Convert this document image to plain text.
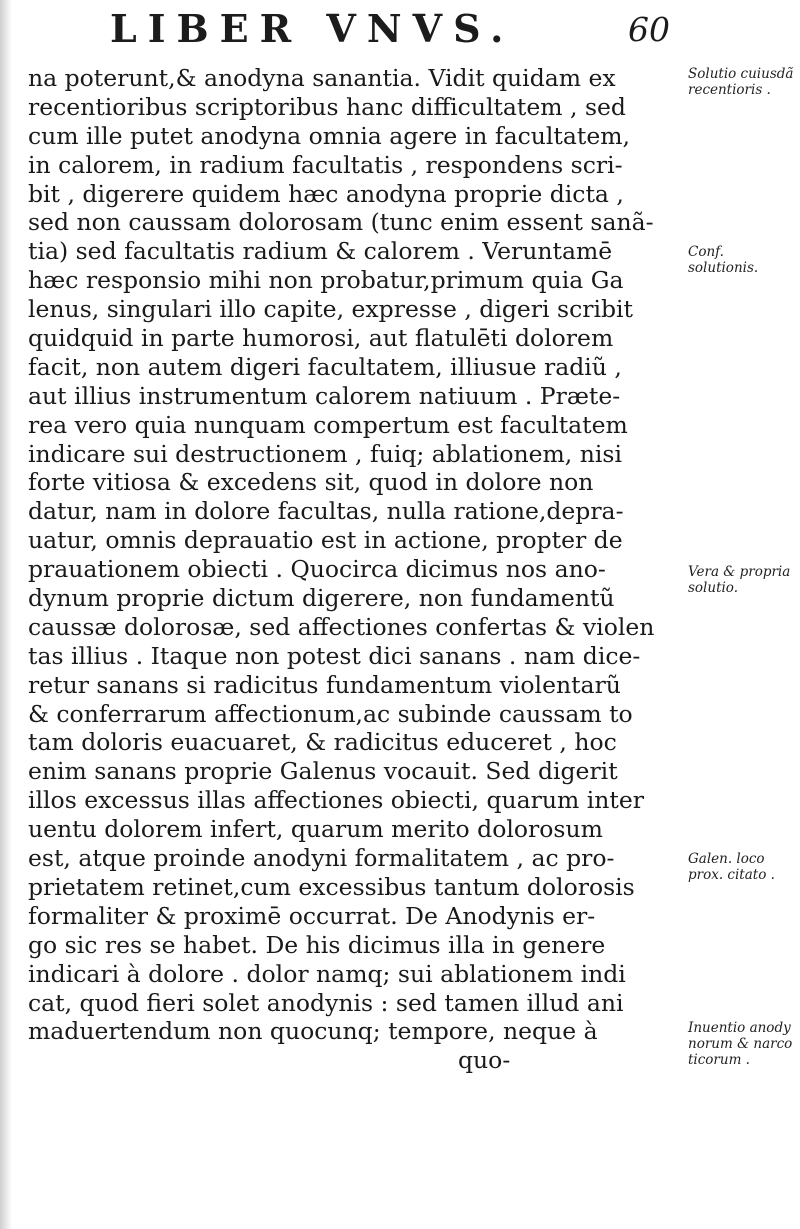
LIBER VNVS.	60
na poterunt,& anodyna sanantia. Vidit quidam ex
recentioribus scriptoribus hanc difficultatem , sed
cum ille putet anodyna omnia agere in facultatem,
in calorem, in radium facultatis , respondens scri-
bit , digerere quidem hæc anodyna proprie dicta ,
sed non caussam dolorosam (tunc enim essent sanã-
tia) sed facultatis radium & calorem . Veruntamē
hæc responsio mihi non probatur,primum quia Ga
lenus, singulari illo capite, expresse , digeri scribit
quidquid in parte humorosi, aut flatulēti dolorem
facit, non autem digeri facultatem, illiusue radiũ ,
aut illius instrumentum calorem natiuum . Præte-
rea vero quia nunquam compertum est facultatem
indicare sui destructionem , fuiq; ablationem, nisi
forte vitiosa & excedens sit, quod in dolore non
datur, nam in dolore facultas, nulla ratione,depra-
uatur, omnis deprauatio est in actione, propter de
prauationem obiecti . Quocirca dicimus nos ano-
dynum proprie dictum digerere, non fundamentũ
caussæ dolorosæ, sed affectiones confertas & violen
tas illius . Itaque non potest dici sanans . nam dice-
retur sanans si radicitus fundamentum violentarũ
& conferrarum affectionum,ac subinde caussam to
tam doloris euacuaret, & radicitus educeret , hoc
enim sanans proprie Galenus vocauit. Sed digerit
illos excessus illas affectiones obiecti, quarum inter
uentu dolorem infert, quarum merito dolorosum
est, atque proinde anodyni formalitatem , ac pro-
prietatem retinet,cum excessibus tantum dolorosis
formaliter & proximē occurrat. De Anodynis er-
go sic res se habet. De his dicimus illa in genere
indicari à dolore . dolor namq; sui ablationem indi
cat, quod fieri solet anodynis : sed tamen illud ani
maduertendum non quocunq; tempore, neque à
quo-
Solutio cuiusdã recentioris .
Conf. solutionis.
Vera & propria solutio.
Galen. loco prox. citato .
Inuentio anody norum & narco ticorum .
